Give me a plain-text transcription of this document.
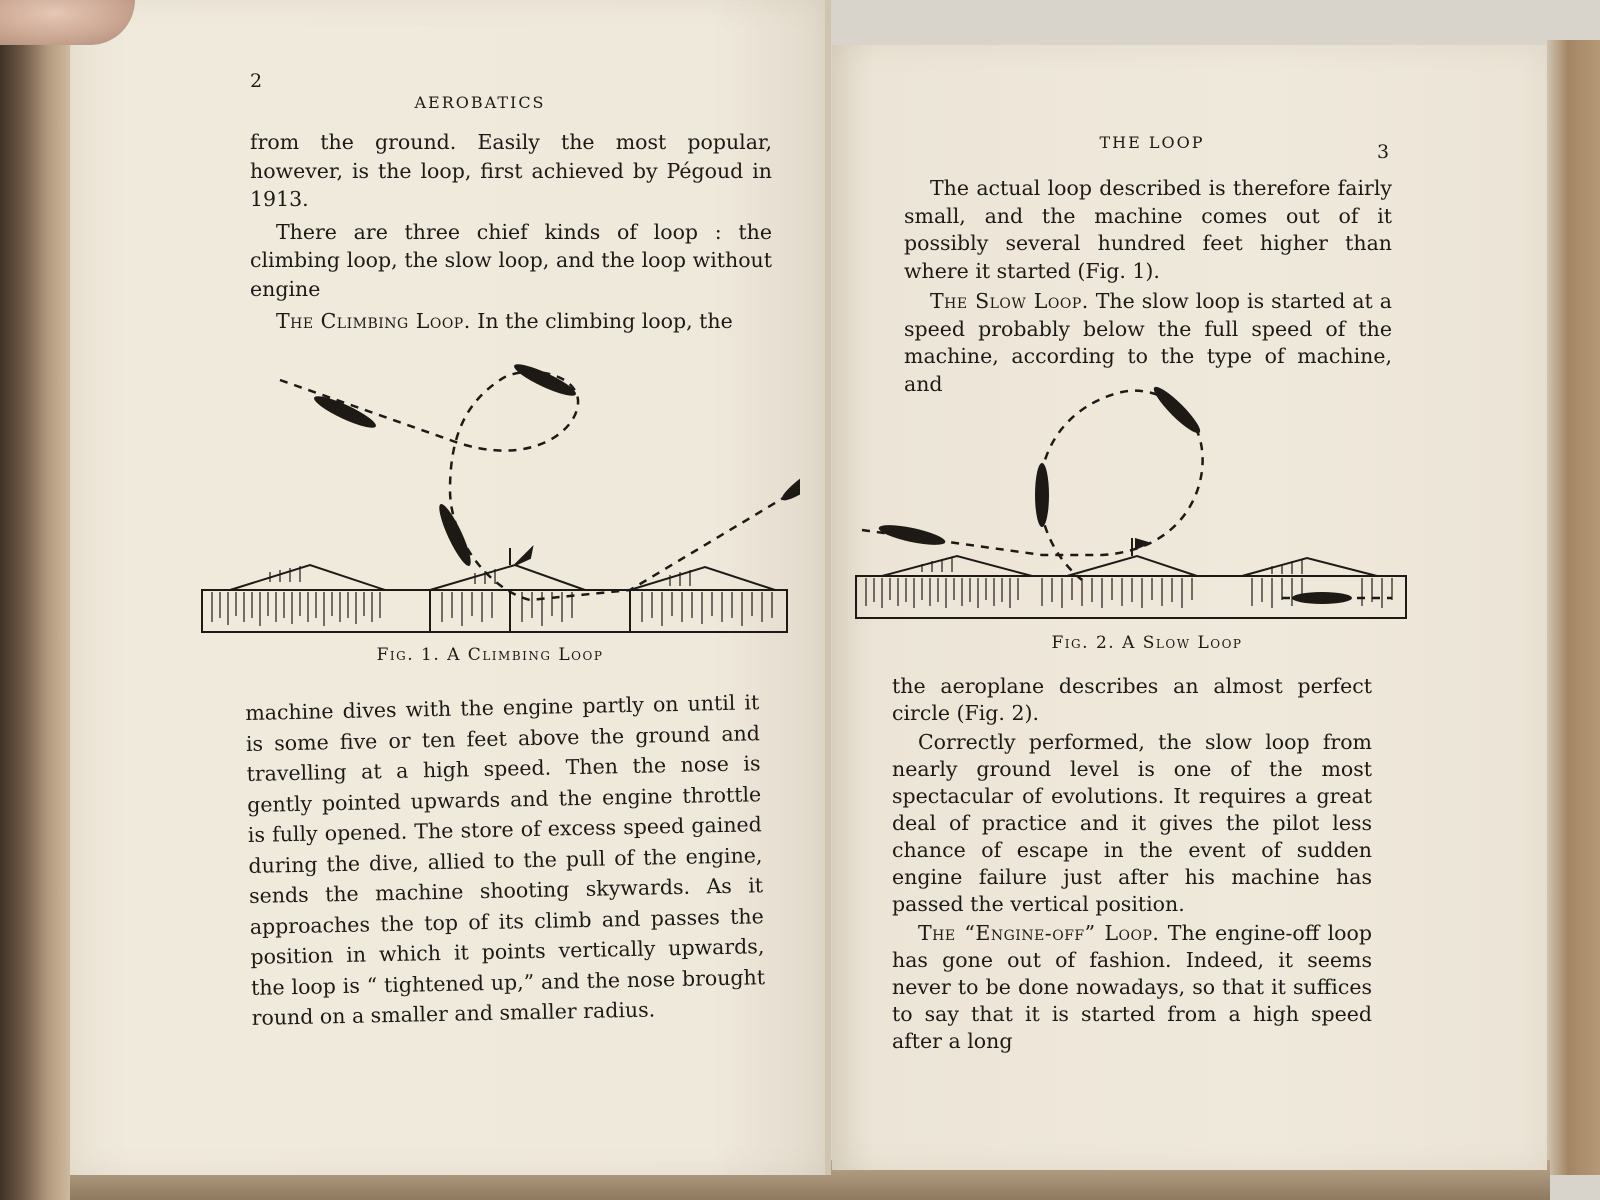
2
AEROBATICS

from the ground. Easily the most popular, however, is the loop, first achieved by Pégoud in 1913.

There are three chief kinds of loop : the climbing loop, the slow loop, and the loop without engine

The Climbing Loop. In the climbing loop, the

Fig. 1. A Climbing Loop

machine dives with the engine partly on until it is some five or ten feet above the ground and travelling at a high speed. Then the nose is gently pointed upwards and the engine throttle is fully opened. The store of excess speed gained during the dive, allied to the pull of the engine, sends the machine shooting skywards. As it approaches the top of its climb and passes the position in which it points vertically upwards, the loop is “ tightened up,” and the nose brought round on a smaller and smaller radius.

THE LOOP	3

The actual loop described is therefore fairly small, and the machine comes out of it possibly several hundred feet higher than where it started (Fig. 1).

The Slow Loop. The slow loop is started at a speed probably below the full speed of the machine, according to the type of machine, and

Fig. 2. A Slow Loop

the aeroplane describes an almost perfect circle (Fig. 2).

Correctly performed, the slow loop from nearly ground level is one of the most spectacular of evolutions. It requires a great deal of practice and it gives the pilot less chance of escape in the event of sudden engine failure just after his machine has passed the vertical position.

The “Engine-off” Loop. The engine-off loop has gone out of fashion. Indeed, it seems never to be done nowadays, so that it suffices to say that it is started from a high speed after a long
